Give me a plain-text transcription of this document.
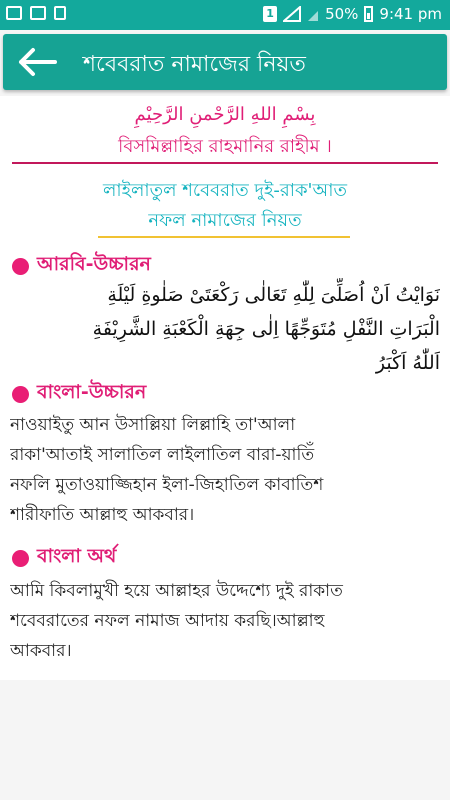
1	50% 9:41 pm
শবেবরাত নামাজের নিয়ত
بِسْمِ اللهِ الرَّحْمنِ الرَّحِيْمِ
বিসমিল্লাহির রাহমানির রাহীম ।
লাইলাতুল শবেবরাত দুই-রাক'আত
নফল নামাজের নিয়ত
আরবি-উচ্চারন
نَوَايْتُ اَنْ اُصَلِّىَ لِلّٰهِ تَعَالٰى رَكْعَتَىْ صَلٰوةِ لَيْلَةِ
الْبَرَاتِ النَّفْلِ مُتَوَجِّهًا اِلٰى جِهَةِ الْكَعْبَةِ الشَّرِيْفَةِ
اَللّٰهُ اَكْبَرُ
বাংলা-উচ্চারন
নাওয়াইতু আন উসাল্লিয়া লিল্লাহি তা'আলা
রাকা'আতাই সালাতিল লাইলাতিল বারা-য়াতিঁ
নফলি মুতাওয়াজ্জিহান ইলা-জিহাতিল কাবাতিশ
শারীফাতি আল্লাহু আকবার।
বাংলা অর্থ
আমি কিবলামুখী হয়ে আল্লাহর উদ্দেশ্যে দুই রাকাত
শবেবরাতের নফল নামাজ আদায় করছি।আল্লাহু
আকবার।
